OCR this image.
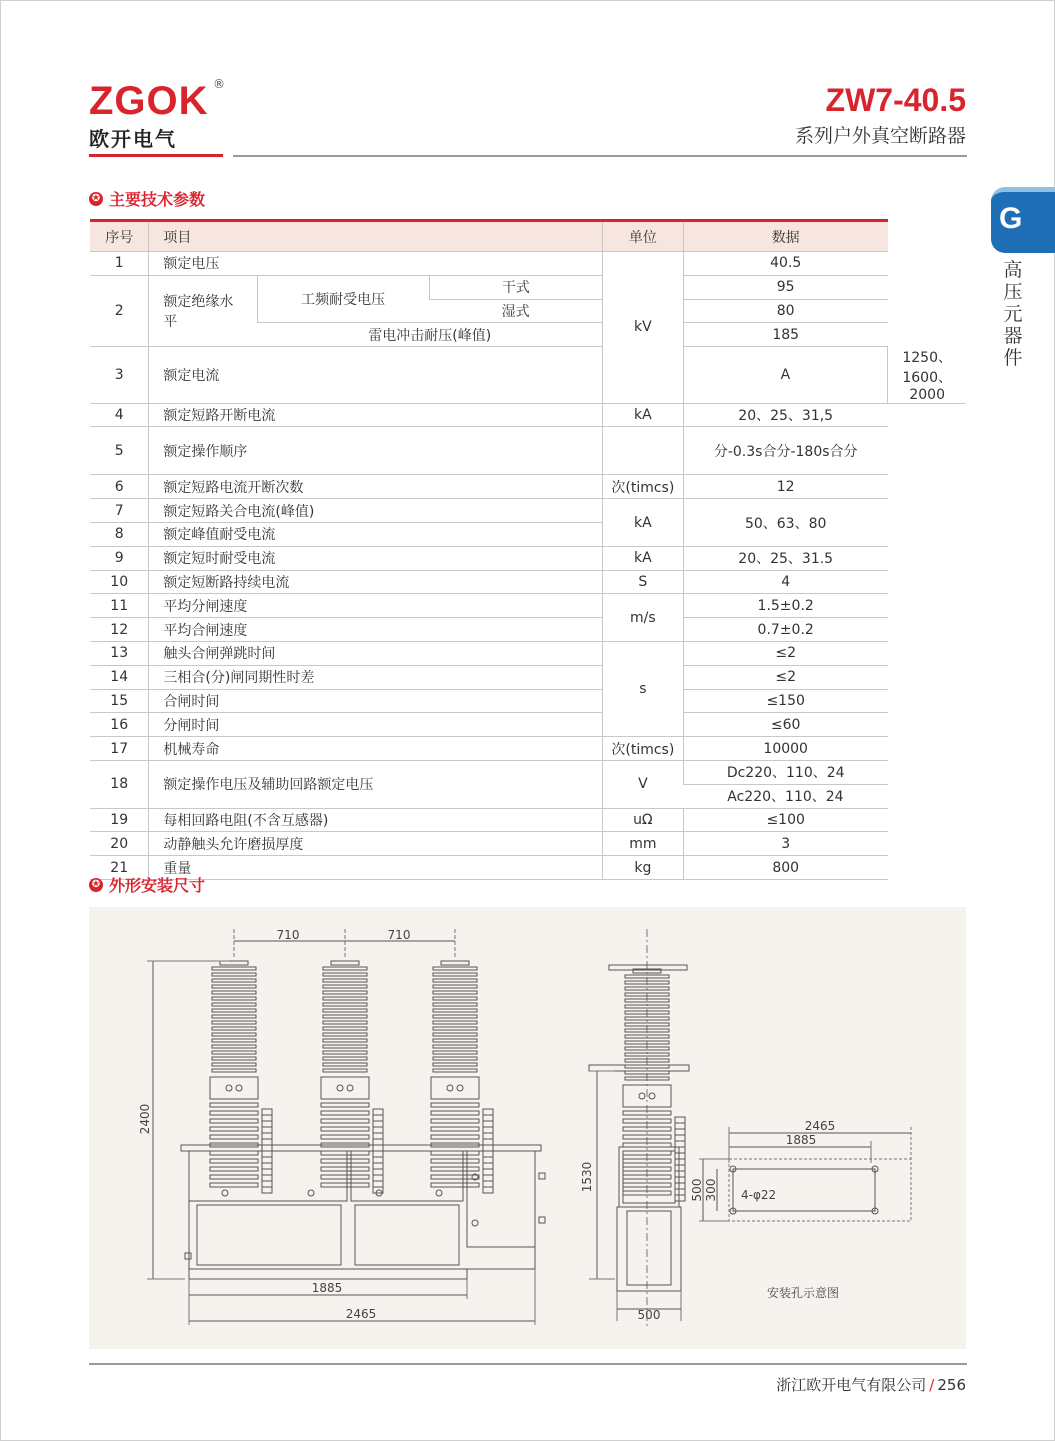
ZGOK ®
欧开电气
ZW7-40.5
系列户外真空断路器
G
高压元器件
✪ 主要技术参数
序号	项目			单位	数据	
1	额定电压			kV	40.5	
2	额定绝缘水平	工频耐受电压	干式		95	
			湿式		80	
		雷电冲击耐压(峰值)			185	
3	额定电流				A	1250、1600、2000
4	额定短路开断电流			kA	20、25、31,5	
5	额定操作顺序				分-0.3s合分-180s合分	
6	额定短路电流开断次数			次(timcs)	12	
7	额定短路关合电流(峰值)			kA	50、63、80	
8	额定峰值耐受电流					
9	额定短时耐受电流			kA	20、25、31.5	
10	额定短断路持续电流			S	4	
11	平均分闸速度			m/s	1.5±0.2	
12	平均合闸速度				0.7±0.2	
13	触头合闸弹跳时间			s	≤2	
14	三相合(分)闸同期性时差				≤2	
15	合闸时间				≤150	
16	分闸时间				≤60	
17	机械寿命			次(timcs)	10000	
18	额定操作电压及辅助回路额定电压			V	Dc220、110、24	
					Ac220、110、24	
19	每相回路电阻(不含互感器)			uΩ	≤100	
20	动静触头允许磨损厚度			mm	3	
21	重量			kg	800	
✪ 外形安装尺寸
710	710
2400
1885
2465
1530
500
2465
1885
500 300 4-φ22
安装孔示意图
浙江欧开电气有限公司 / 256
